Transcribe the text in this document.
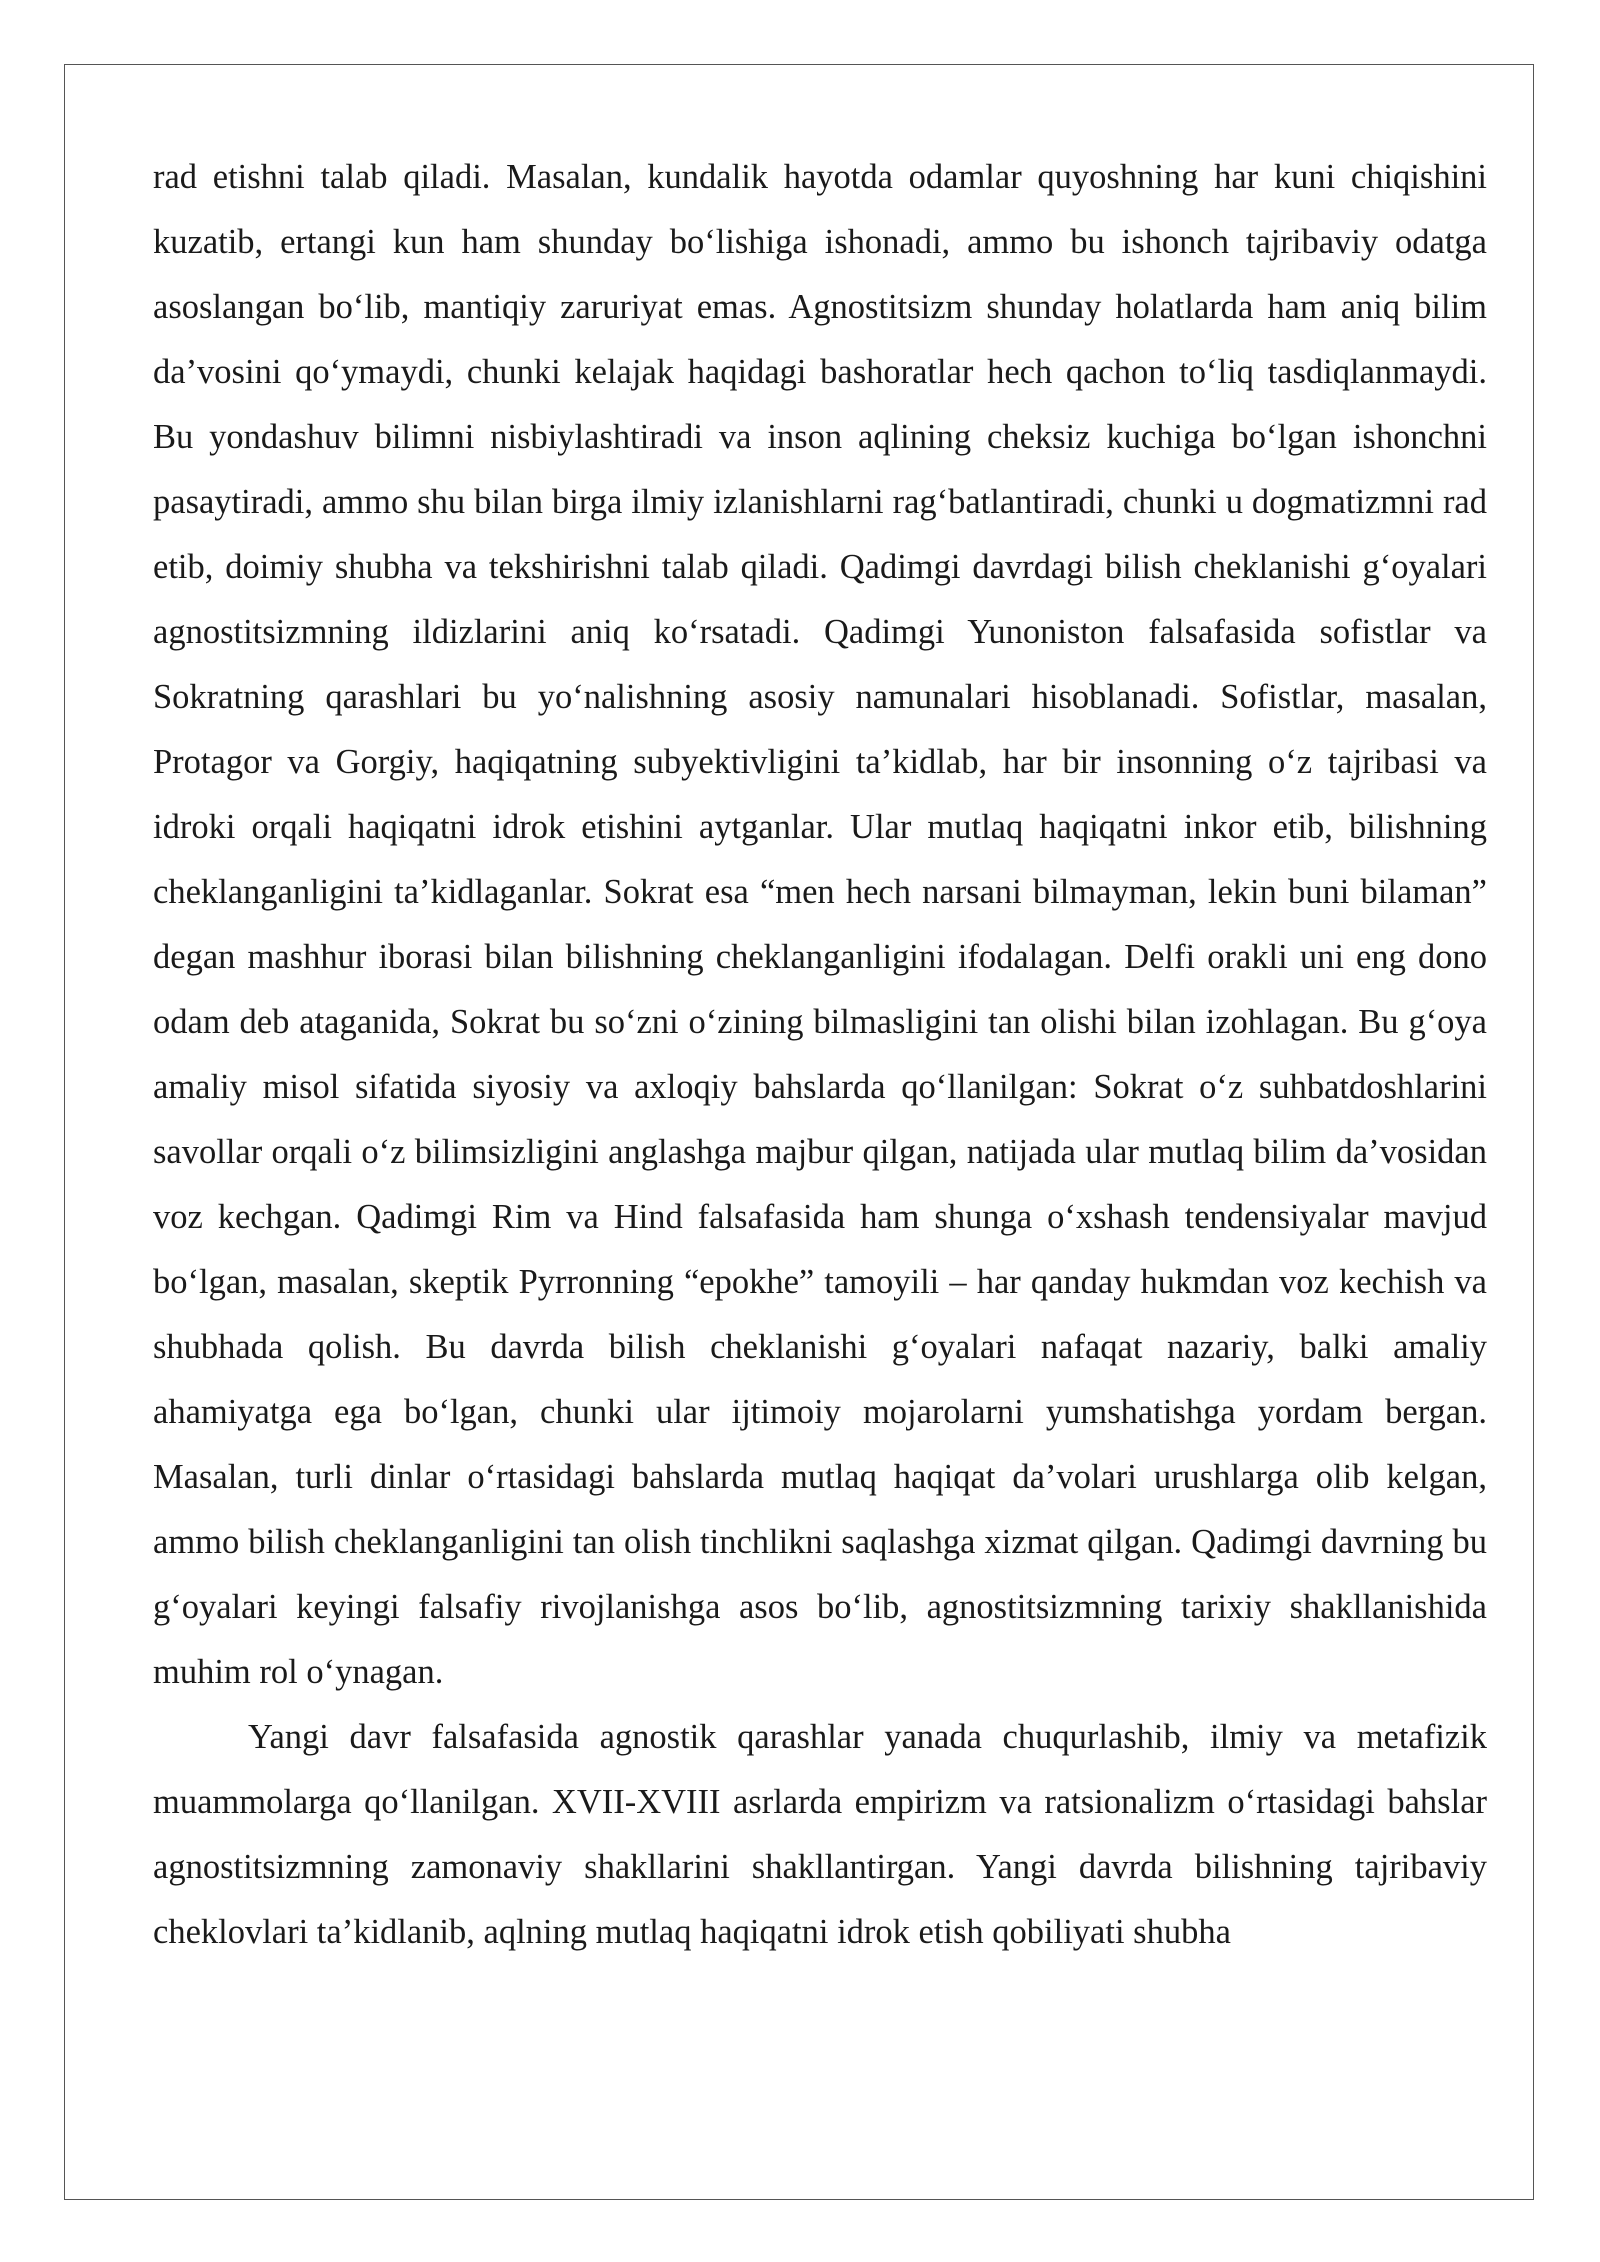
rad etishni talab qiladi. Masalan, kundalik hayotda odamlar quyoshning har kuni chiqishini kuzatib, ertangi kun ham shunday boʻlishiga ishonadi, ammo bu ishonch tajribaviy odatga asoslangan boʻlib, mantiqiy zaruriyat emas. Agnostitsizm shunday holatlarda ham aniq bilim da’vosini qoʻymaydi, chunki kelajak haqidagi bashoratlar hech qachon toʻliq tasdiqlanmaydi. Bu yondashuv bilimni nisbiylashtiradi va inson aqlining cheksiz kuchiga boʻlgan ishonchni pasaytiradi, ammo shu bilan birga ilmiy izlanishlarni ragʻbatlantiradi, chunki u dogmatizmni rad etib, doimiy shubha va tekshirishni talab qiladi. Qadimgi davrdagi bilish cheklanishi gʻoyalari agnostitsizmning ildizlarini aniq koʻrsatadi. Qadimgi Yunoniston falsafasida sofistlar va Sokratning qarashlari bu yoʻnalishning asosiy namunalari hisoblanadi. Sofistlar, masalan, Protagor va Gorgiy, haqiqatning subyektivligini ta’kidlab, har bir insonning oʻz tajribasi va idroki orqali haqiqatni idrok etishini aytganlar. Ular mutlaq haqiqatni inkor etib, bilishning cheklanganligini ta’kidlaganlar. Sokrat esa “men hech narsani bilmayman, lekin buni bilaman” degan mashhur iborasi bilan bilishning cheklanganligini ifodalagan. Delfi orakli uni eng dono odam deb ataganida, Sokrat bu soʻzni oʻzining bilmasligini tan olishi bilan izohlagan. Bu gʻoya amaliy misol sifatida siyosiy va axloqiy bahslarda qoʻllanilgan: Sokrat oʻz suhbatdoshlarini savollar orqali oʻz bilimsizligini anglashga majbur qilgan, natijada ular mutlaq bilim da’vosidan voz kechgan. Qadimgi Rim va Hind falsafasida ham shunga oʻxshash tendensiyalar mavjud boʻlgan, masalan, skeptik Pyrronning “epokhe” tamoyili – har qanday hukmdan voz kechish va shubhada qolish. Bu davrda bilish cheklanishi gʻoyalari nafaqat nazariy, balki amaliy ahamiyatga ega boʻlgan, chunki ular ijtimoiy mojarolarni yumshatishga yordam bergan. Masalan, turli dinlar oʻrtasidagi bahslarda mutlaq haqiqat da’volari urushlarga olib kelgan, ammo bilish cheklanganligini tan olish tinchlikni saqlashga xizmat qilgan. Qadimgi davrning bu gʻoyalari keyingi falsafiy rivojlanishga asos boʻlib, agnostitsizmning tarixiy shakllanishida muhim rol oʻynagan.

Yangi davr falsafasida agnostik qarashlar yanada chuqurlashib, ilmiy va metafizik muammolarga qoʻllanilgan. XVII-XVIII asrlarda empirizm va ratsionalizm oʻrtasidagi bahslar agnostitsizmning zamonaviy shakllarini shakllantirgan. Yangi davrda bilishning tajribaviy cheklovlari ta’kidlanib, aqlning mutlaq haqiqatni idrok etish qobiliyati shubha
